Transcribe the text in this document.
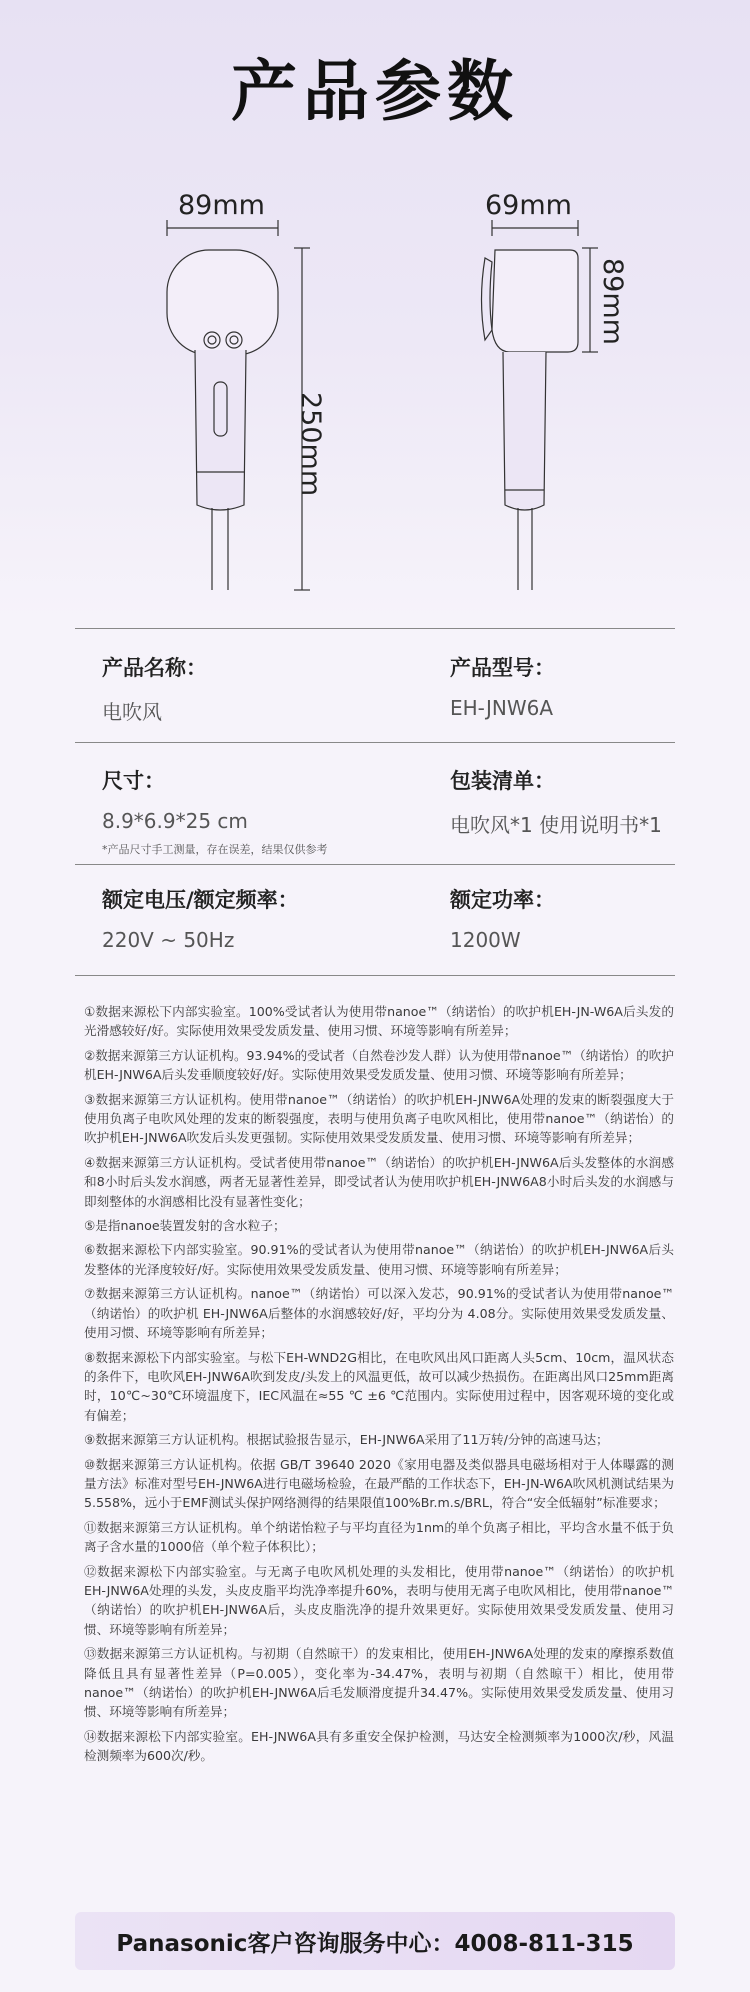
产品参数
89mm
250mm
69mm
89mm
产品名称：
电吹风
产品型号：
EH-JNW6A
尺寸：
8.9*6.9*25 cm
*产品尺寸手工测量，存在误差，结果仅供参考
包装清单：
电吹风*1 使用说明书*1
额定电压/额定频率：
220V ~ 50Hz
额定功率：
1200W

①数据来源松下内部实验室。100%受试者认为使用带nanoe™（纳诺怡）的吹护机EH-JN-W6A后头发的光滑感较好/好。实际使用效果受发质发量、使用习惯、环境等影响有所差异；

②数据来源第三方认证机构。93.94%的受试者（自然卷沙发人群）认为使用带nanoe™（纳诺怡）的吹护机EH-JNW6A后头发垂顺度较好/好。实际使用效果受发质发量、使用习惯、环境等影响有所差异；

③数据来源第三方认证机构。使用带nanoe™（纳诺怡）的吹护机EH-JNW6A处理的发束的断裂强度大于使用负离子电吹风处理的发束的断裂强度，表明与使用负离子电吹风相比，使用带nanoe™（纳诺怡）的吹护机EH-JNW6A吹发后头发更强韧。实际使用效果受发质发量、使用习惯、环境等影响有所差异；

④数据来源第三方认证机构。受试者使用带nanoe™（纳诺怡）的吹护机EH-JNW6A后头发整体的水润感和8小时后头发水润感，两者无显著性差异，即受试者认为使用吹护机EH-JNW6A8小时后头发的水润感与即刻整体的水润感相比没有显著性变化；

⑤是指nanoe装置发射的含水粒子；

⑥数据来源松下内部实验室。90.91%的受试者认为使用带nanoe™（纳诺怡）的吹护机EH-JNW6A后头发整体的光泽度较好/好。实际使用效果受发质发量、使用习惯、环境等影响有所差异；

⑦数据来源第三方认证机构。nanoe™（纳诺怡）可以深入发芯，90.91%的受试者认为使用带nanoe™（纳诺怡）的吹护机 EH-JNW6A后整体的水润感较好/好，平均分为 4.08分。实际使用效果受发质发量、使用习惯、环境等影响有所差异；

⑧数据来源松下内部实验室。与松下EH-WND2G相比，在电吹风出风口距离人头5cm、10cm，温风状态的条件下，电吹风EH-JNW6A吹到发皮/头发上的风温更低，故可以减少热损伤。在距离出风口25mm距离时，10℃~30℃环境温度下，IEC风温在≈55 ℃ ±6 ℃范围内。实际使用过程中，因客观环境的变化或有偏差；

⑨数据来源第三方认证机构。根据试验报告显示，EH-JNW6A采用了11万转/分钟的高速马达；

⑩数据来源第三方认证机构。依据 GB/T 39640 2020《家用电器及类似器具电磁场相对于人体曝露的测量方法》标准对型号EH-JNW6A进行电磁场检验，在最严酷的工作状态下，EH-JN-W6A吹风机测试结果为5.558%，远小于EMF测试头保护网络测得的结果限值100%Br.m.s/BRL，符合“安全低辐射”标准要求；

⑪数据来源第三方认证机构。单个纳诺怡粒子与平均直径为1nm的单个负离子相比，平均含水量不低于负离子含水量的1000倍（单个粒子体积比）；

⑫数据来源松下内部实验室。与无离子电吹风机处理的头发相比，使用带nanoe™（纳诺怡）的吹护机EH-JNW6A处理的头发，头皮皮脂平均洗净率提升60%，表明与使用无离子电吹风相比，使用带nanoe™（纳诺怡）的吹护机EH-JNW6A后，头皮皮脂洗净的提升效果更好。实际使用效果受发质发量、使用习惯、环境等影响有所差异；

⑬数据来源第三方认证机构。与初期（自然晾干）的发束相比，使用EH-JNW6A处理的发束的摩擦系数值降低且具有显著性差异（P=0.005），变化率为-34.47%，表明与初期（自然晾干）相比，使用带nanoe™（纳诺怡）的吹护机EH-JNW6A后毛发顺滑度提升34.47%。实际使用效果受发质发量、使用习惯、环境等影响有所差异；

⑭数据来源松下内部实验室。EH-JNW6A具有多重安全保护检测，马达安全检测频率为1000次/秒，风温检测频率为600次/秒。

Panasonic客户咨询服务中心：4008-811-315
